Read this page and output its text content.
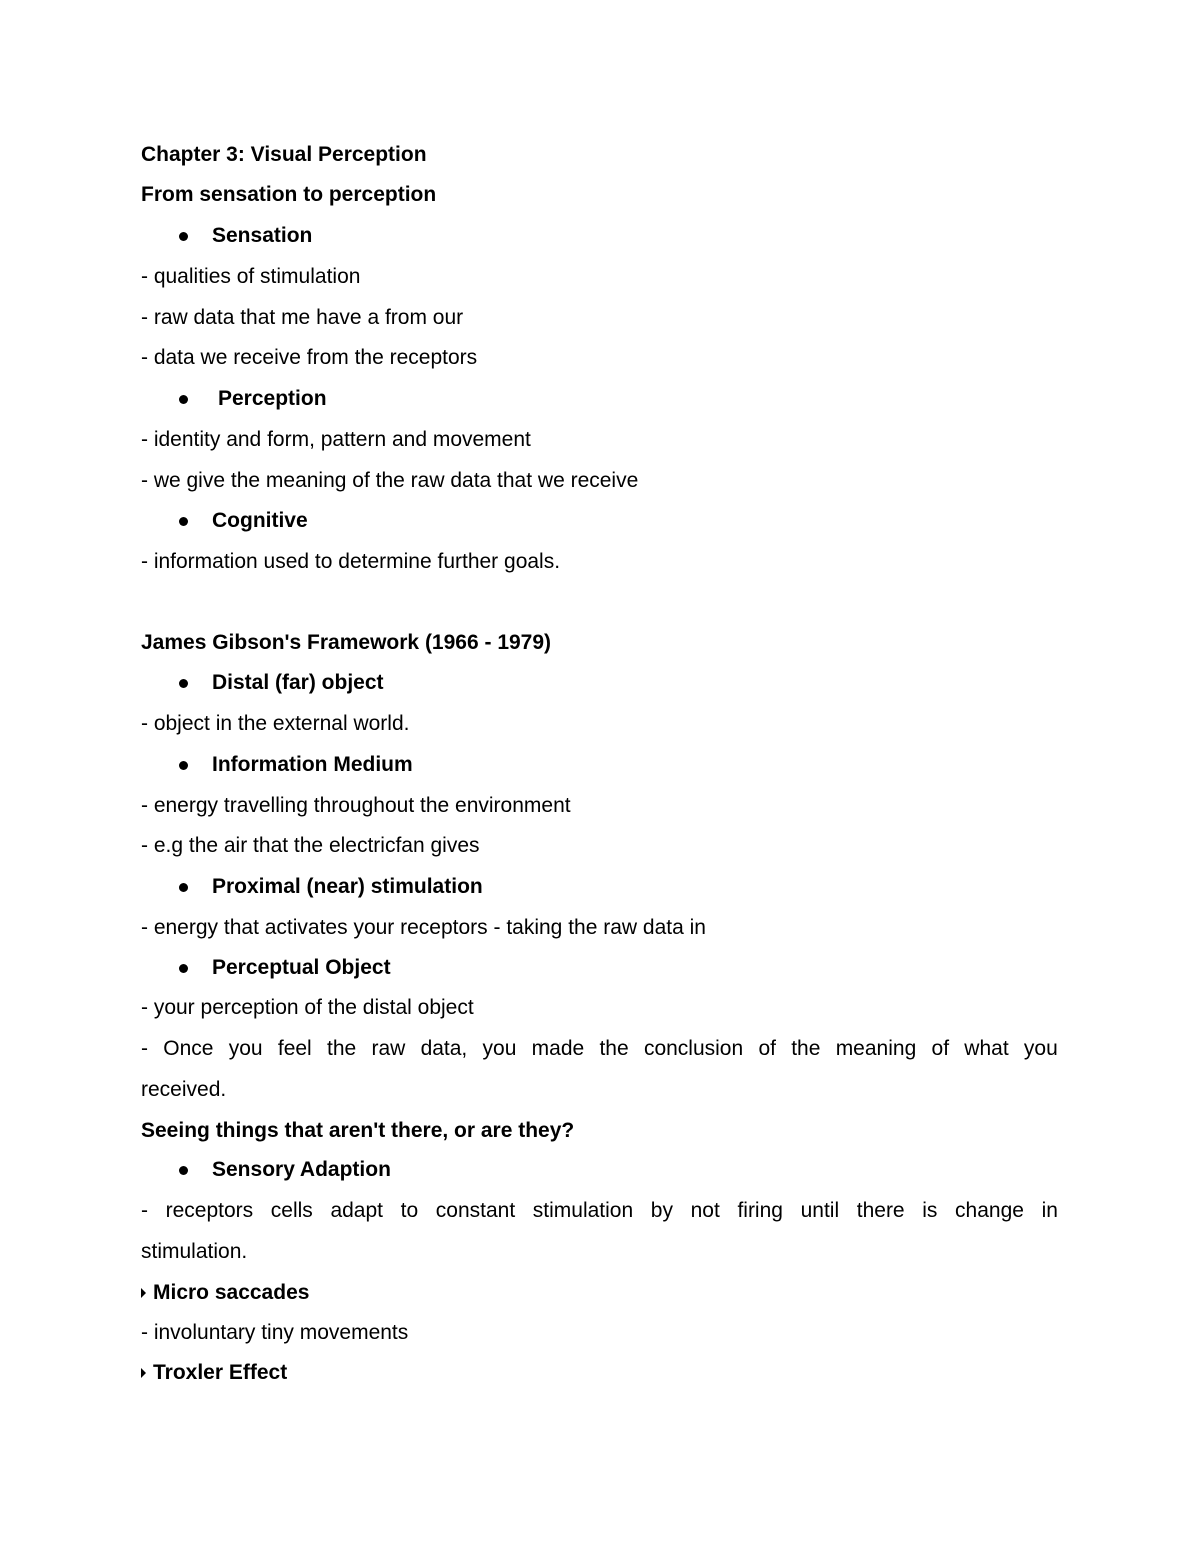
Chapter 3: Visual Perception
From sensation to perception
Sensation
- qualities of stimulation
- raw data that me have a from our
- data we receive from the receptors
Perception
- identity and form, pattern and movement
- we give the meaning of the raw data that we receive
Cognitive
- information used to determine further goals.
James Gibson's Framework (1966 - 1979)
Distal (far) object
- object in the external world.
Information Medium
- energy travelling throughout the environment
- e.g the air that the electricfan gives
Proximal (near) stimulation
- energy that activates your receptors - taking the raw data in
Perceptual Object
- your perception of the distal object
- Once you feel the raw data, you made the conclusion of the meaning of what you
received.
Seeing things that aren't there, or are they?
Sensory Adaption
- receptors cells adapt to constant stimulation by not firing until there is change in
stimulation.
Micro saccades
- involuntary tiny movements
Troxler Effect
